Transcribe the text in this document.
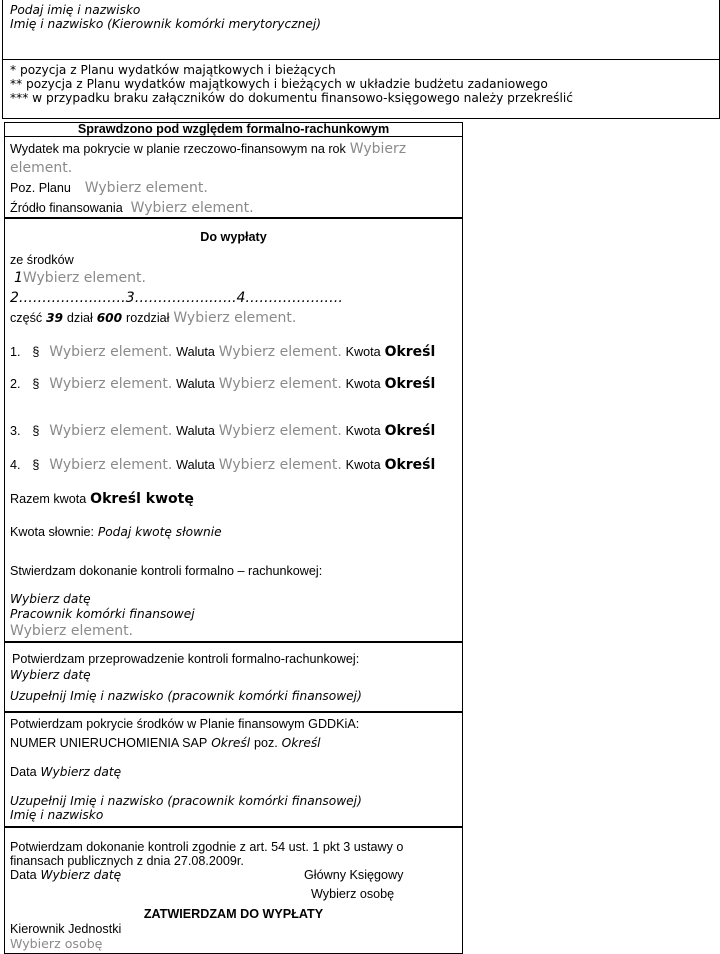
Podaj imię i nazwisko
Imię i nazwisko (Kierownik komórki merytorycznej)
* pozycja z Planu wydatków majątkowych i bieżących
** pozycja z Planu wydatków majątkowych i bieżących w układzie budżetu zadaniowego
*** w przypadku braku załączników do dokumentu finansowo-księgowego należy przekreślić
Sprawdzono pod względem formalno-rachunkowym
Wydatek ma pokrycie w planie rzeczowo-finansowym na rok Wybierz
element.
Poz. Planu Wybierz element.
Źródło finansowania Wybierz element.
Do wypłaty
ze środków
1Wybierz element.
2……………..……3……………..…..4……………..….
część 39 dział 600 rozdział Wybierz element.
1. § Wybierz element. Waluta Wybierz element. Kwota Określ
2. § Wybierz element. Waluta Wybierz element. Kwota Określ
3. § Wybierz element. Waluta Wybierz element. Kwota Określ
4. § Wybierz element. Waluta Wybierz element. Kwota Określ
Razem kwota Określ kwotę
Kwota słownie: Podaj kwotę słownie
Stwierdzam dokonanie kontroli formalno – rachunkowej:
Wybierz datę
Pracownik komórki finansowej
Wybierz element.
Potwierdzam przeprowadzenie kontroli formalno-rachunkowej:
Wybierz datę
Uzupełnij Imię i nazwisko (pracownik komórki finansowej)
Potwierdzam pokrycie środków w Planie finansowym GDDKiA:
NUMER UNIERUCHOMIENIA SAP Określ poz. Określ
Data Wybierz datę
Uzupełnij Imię i nazwisko (pracownik komórki finansowej)
Imię i nazwisko
Potwierdzam dokonanie kontroli zgodnie z art. 54 ust. 1 pkt 3 ustawy o
finansach publicznych z dnia 27.08.2009r.
Data Wybierz datę	Główny Księgowy
Wybierz osobę
ZATWIERDZAM DO WYPŁATY
Kierownik Jednostki
Wybierz osobę
